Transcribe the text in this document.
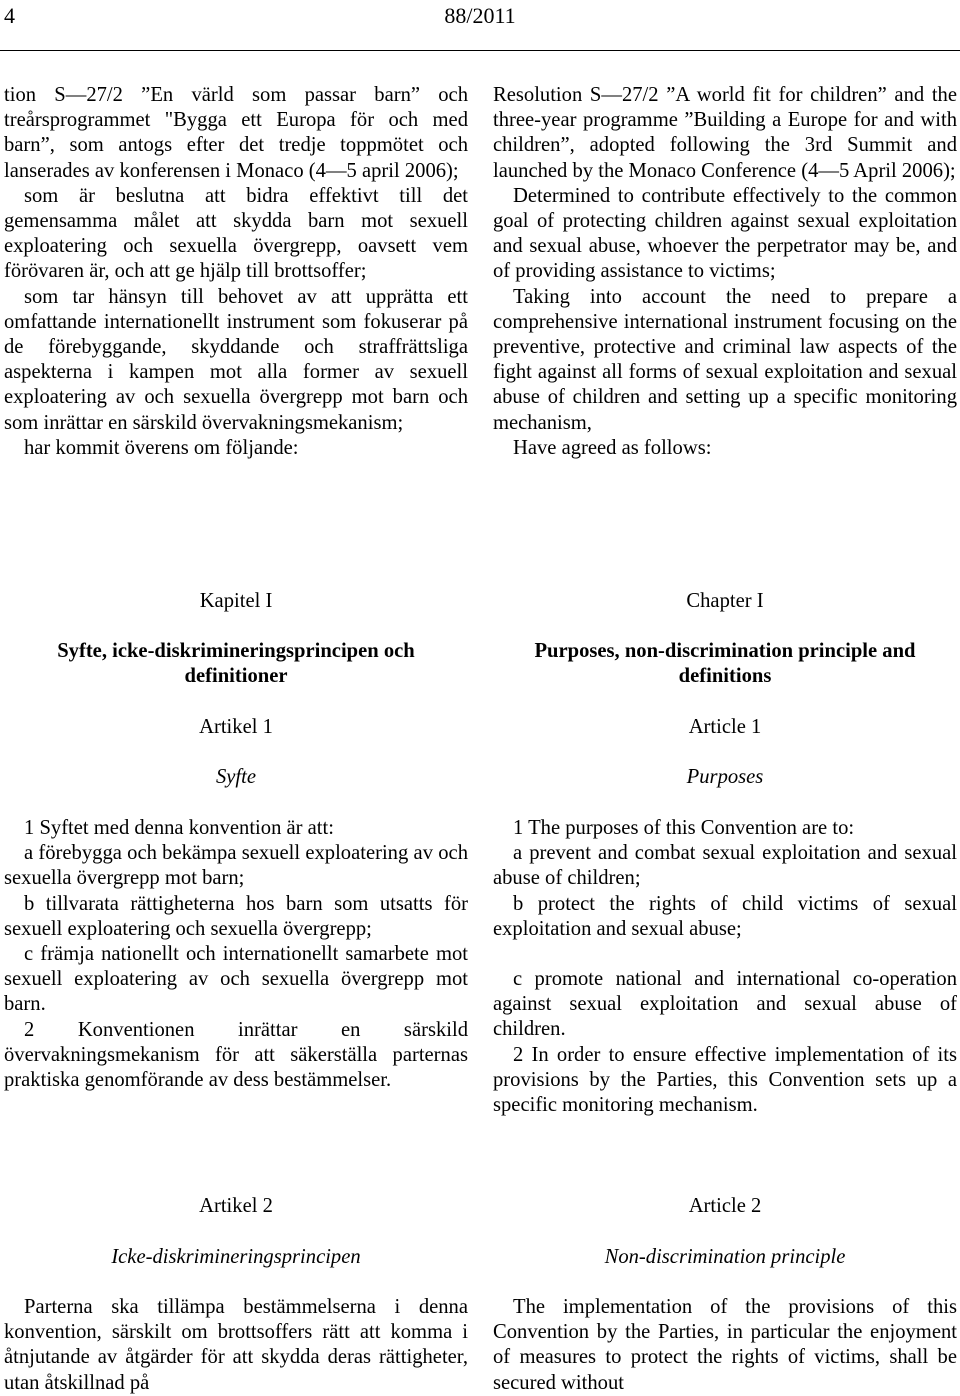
4	88/2011

tion S—27/2 ”En värld som passar barn” och treårsprogrammet "Bygga ett Europa för och med barn”, som antogs efter det tredje toppmötet och lanserades av konferensen i Monaco (4—5 april 2006);

som är beslutna att bidra effektivt till det gemensamma målet att skydda barn mot sexuell exploatering och sexuella övergrepp, oavsett vem förövaren är, och att ge hjälp till brottsoffer;

som tar hänsyn till behovet av att upprätta ett omfattande internationellt instrument som fokuserar på de förebyggande, skyddande och straffrättsliga aspekterna i kampen mot alla former av sexuell exploatering av och sexuella övergrepp mot barn och som inrättar en särskild övervakningsmekanism;

har kommit överens om följande:

Kapitel I

Syfte, icke-diskrimineringsprincipen och definitioner

Artikel 1

Syfte

1 Syftet med denna konvention är att:

a förebygga och bekämpa sexuell exploatering av och sexuella övergrepp mot barn;

b tillvarata rättigheterna hos barn som utsatts för sexuell exploatering och sexuella övergrepp;

c främja nationellt och internationellt samarbete mot sexuell exploatering av och sexuella övergrepp mot barn.

2 Konventionen inrättar en särskild övervakningsmekanism för att säkerställa parternas praktiska genomförande av dess bestämmelser.

Artikel 2

Icke-diskrimineringsprincipen

Parterna ska tillämpa bestämmelserna i denna konvention, särskilt om brottsoffers rätt att komma i åtnjutande av åtgärder för att skydda deras rättigheter, utan åtskillnad på

Resolution S—27/2 ”A world fit for children” and the three-year programme ”Building a Europe for and with children”, adopted following the 3rd Summit and launched by the Monaco Conference (4—5 April 2006);

Determined to contribute effectively to the common goal of protecting children against sexual exploitation and sexual abuse, whoever the perpetrator may be, and of providing assistance to victims;

Taking into account the need to prepare a comprehensive international instrument focusing on the preventive, protective and criminal law aspects of the fight against all forms of sexual exploitation and sexual abuse of children and setting up a specific monitoring mechanism,

Have agreed as follows:

Chapter I

Purposes, non-discrimination principle and definitions

Article 1

Purposes

1 The purposes of this Convention are to:

a prevent and combat sexual exploitation and sexual abuse of children;

b protect the rights of child victims of sexual exploitation and sexual abuse;

c promote national and international co-operation against sexual exploitation and sexual abuse of children.

2 In order to ensure effective implementation of its provisions by the Parties, this Convention sets up a specific monitoring mechanism.

Article 2

Non-discrimination principle

The implementation of the provisions of this Convention by the Parties, in particular the enjoyment of measures to protect the rights of victims, shall be secured without
